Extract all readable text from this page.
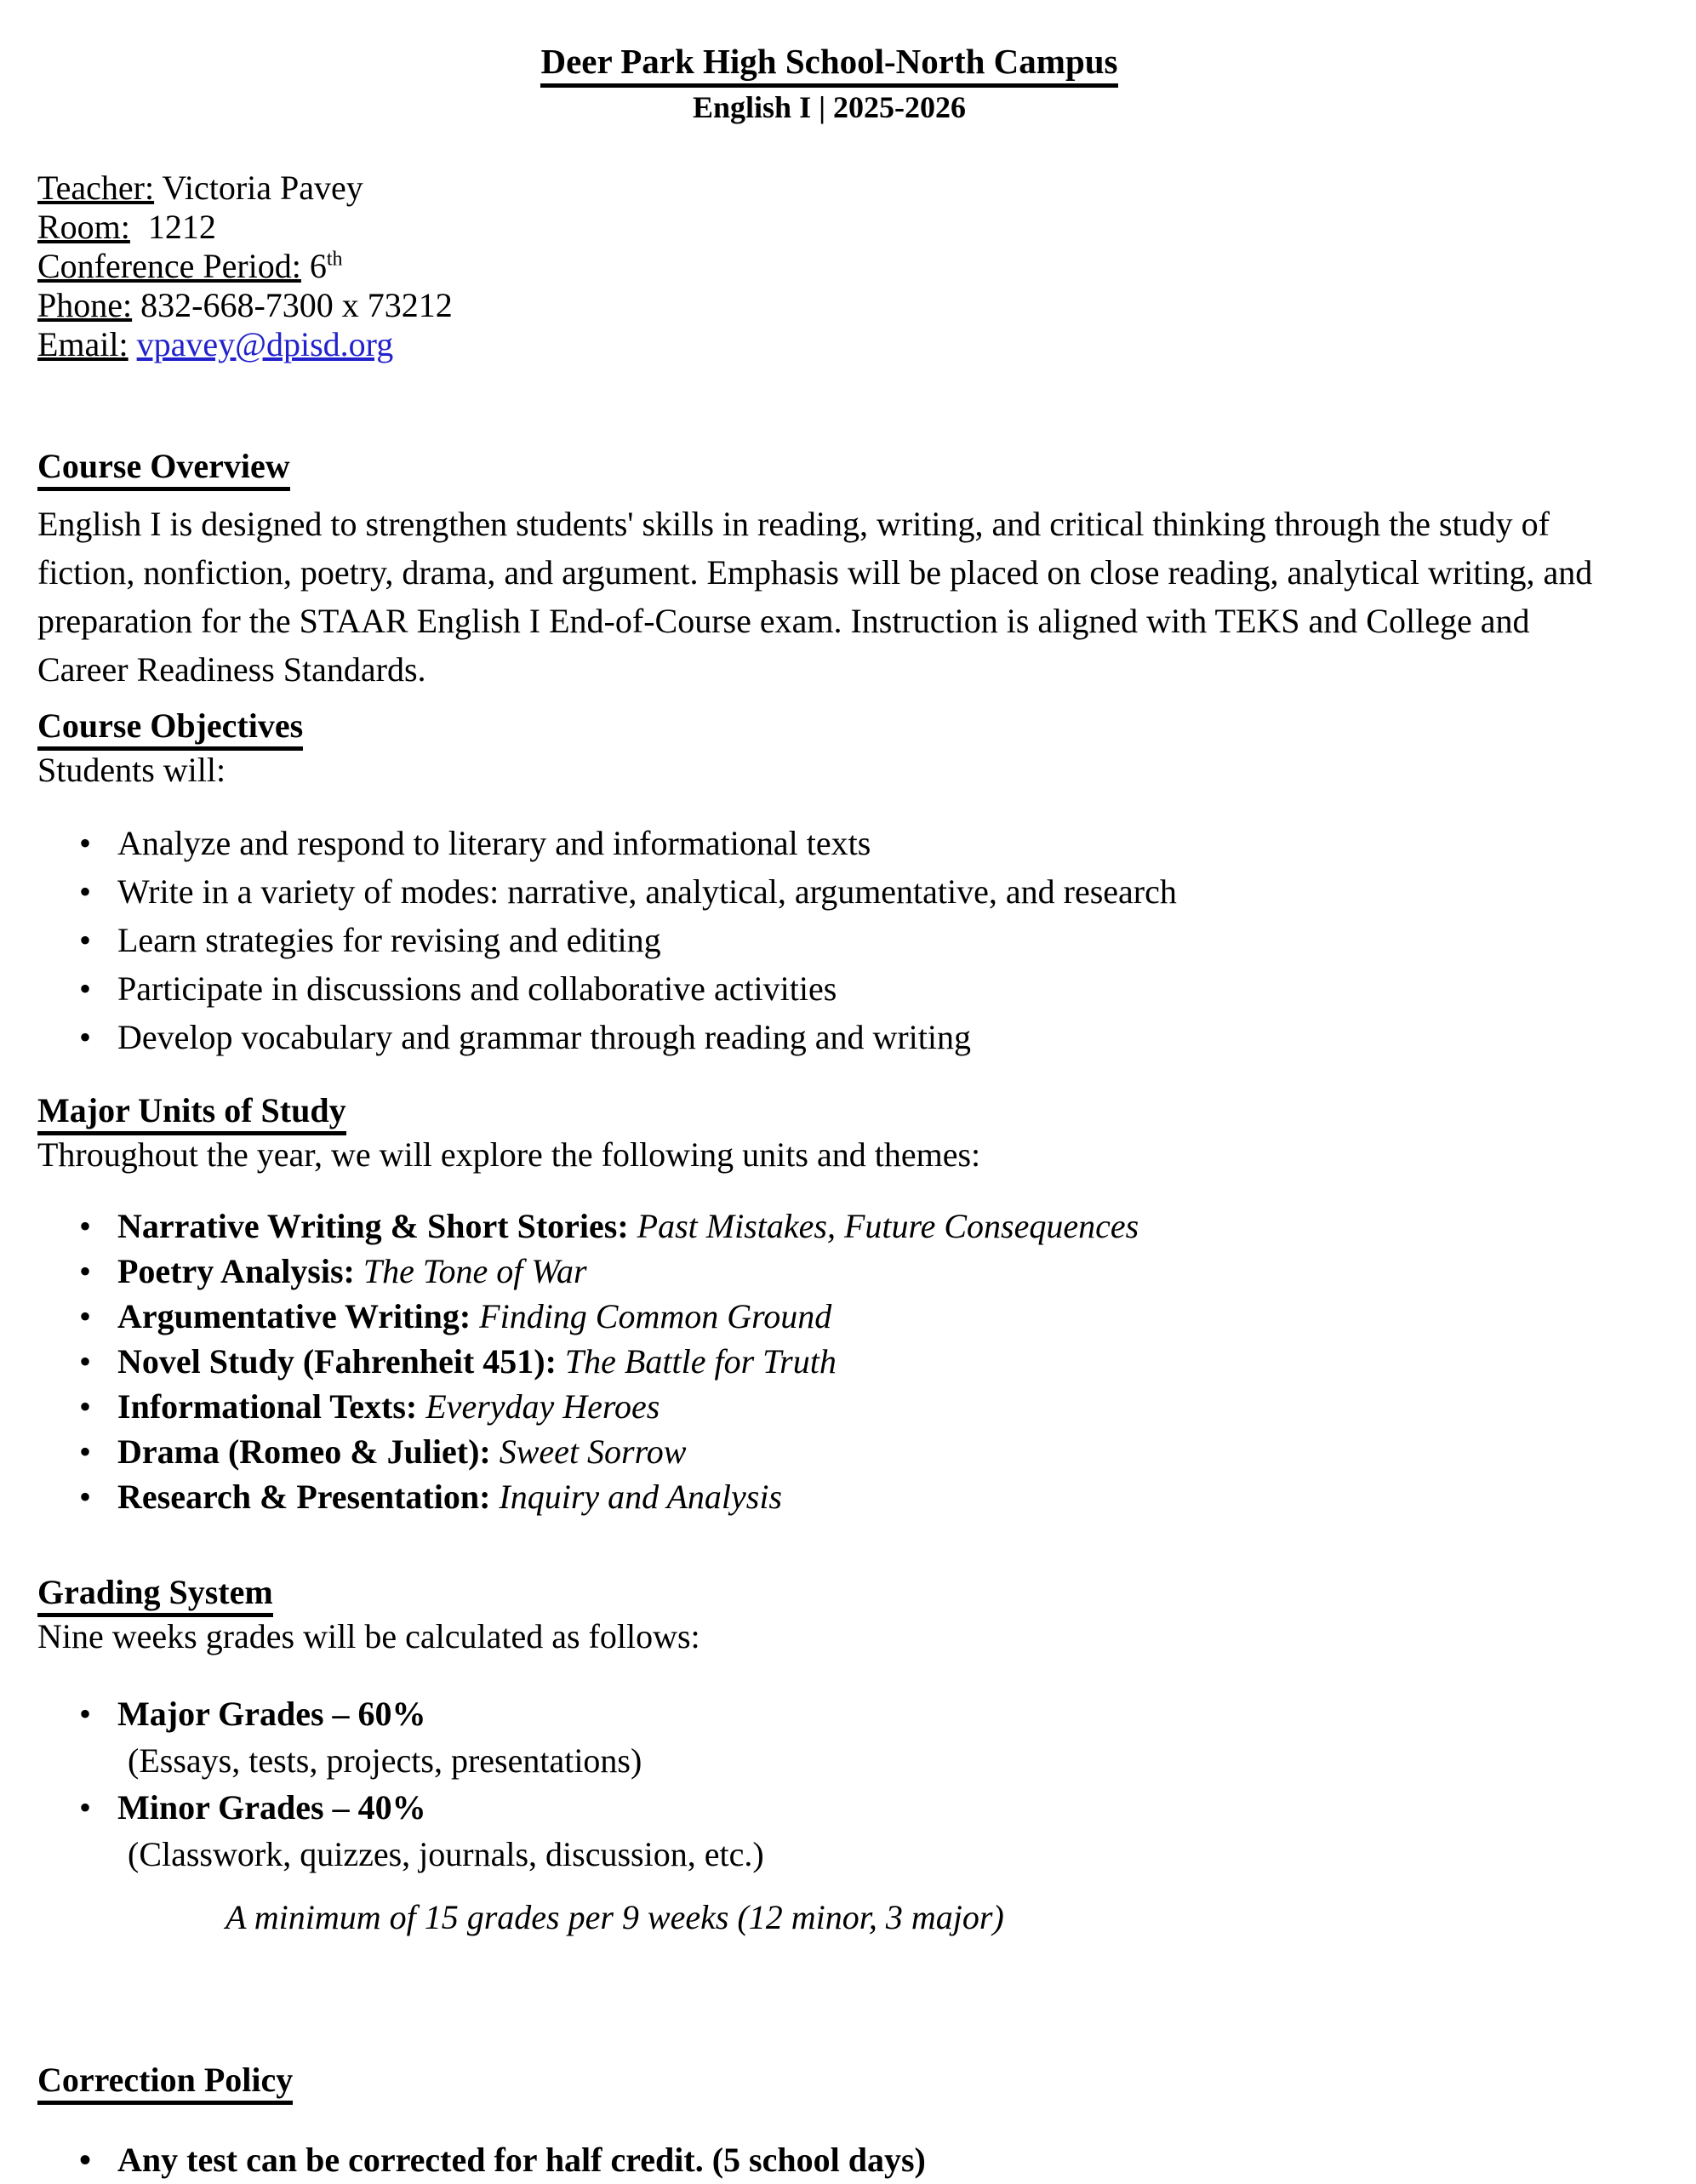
Deer Park High School-North Campus
English I | 2025-2026
Teacher: Victoria Pavey
Room: 1212
Conference Period: 6th
Phone: 832-668-7300 x 73212
Email: vpavey@dpisd.org
Course Overview
English I is designed to strengthen students' skills in reading, writing, and critical thinking through the study of fiction, nonfiction, poetry, drama, and argument. Emphasis will be placed on close reading, analytical writing, and preparation for the STAAR English I End-of-Course exam. Instruction is aligned with TEKS and College and Career Readiness Standards.
Course Objectives
Students will:
• Analyze and respond to literary and informational texts
• Write in a variety of modes: narrative, analytical, argumentative, and research
• Learn strategies for revising and editing
• Participate in discussions and collaborative activities
• Develop vocabulary and grammar through reading and writing
Major Units of Study
Throughout the year, we will explore the following units and themes:
• Narrative Writing & Short Stories: Past Mistakes, Future Consequences
• Poetry Analysis: The Tone of War
• Argumentative Writing: Finding Common Ground
• Novel Study (Fahrenheit 451): The Battle for Truth
• Informational Texts: Everyday Heroes
• Drama (Romeo & Juliet): Sweet Sorrow
• Research & Presentation: Inquiry and Analysis
Grading System
Nine weeks grades will be calculated as follows:
• Major Grades – 60%
(Essays, tests, projects, presentations)
• Minor Grades – 40%
(Classwork, quizzes, journals, discussion, etc.)
A minimum of 15 grades per 9 weeks (12 minor, 3 major)
Correction Policy
• Any test can be corrected for half credit. (5 school days)
